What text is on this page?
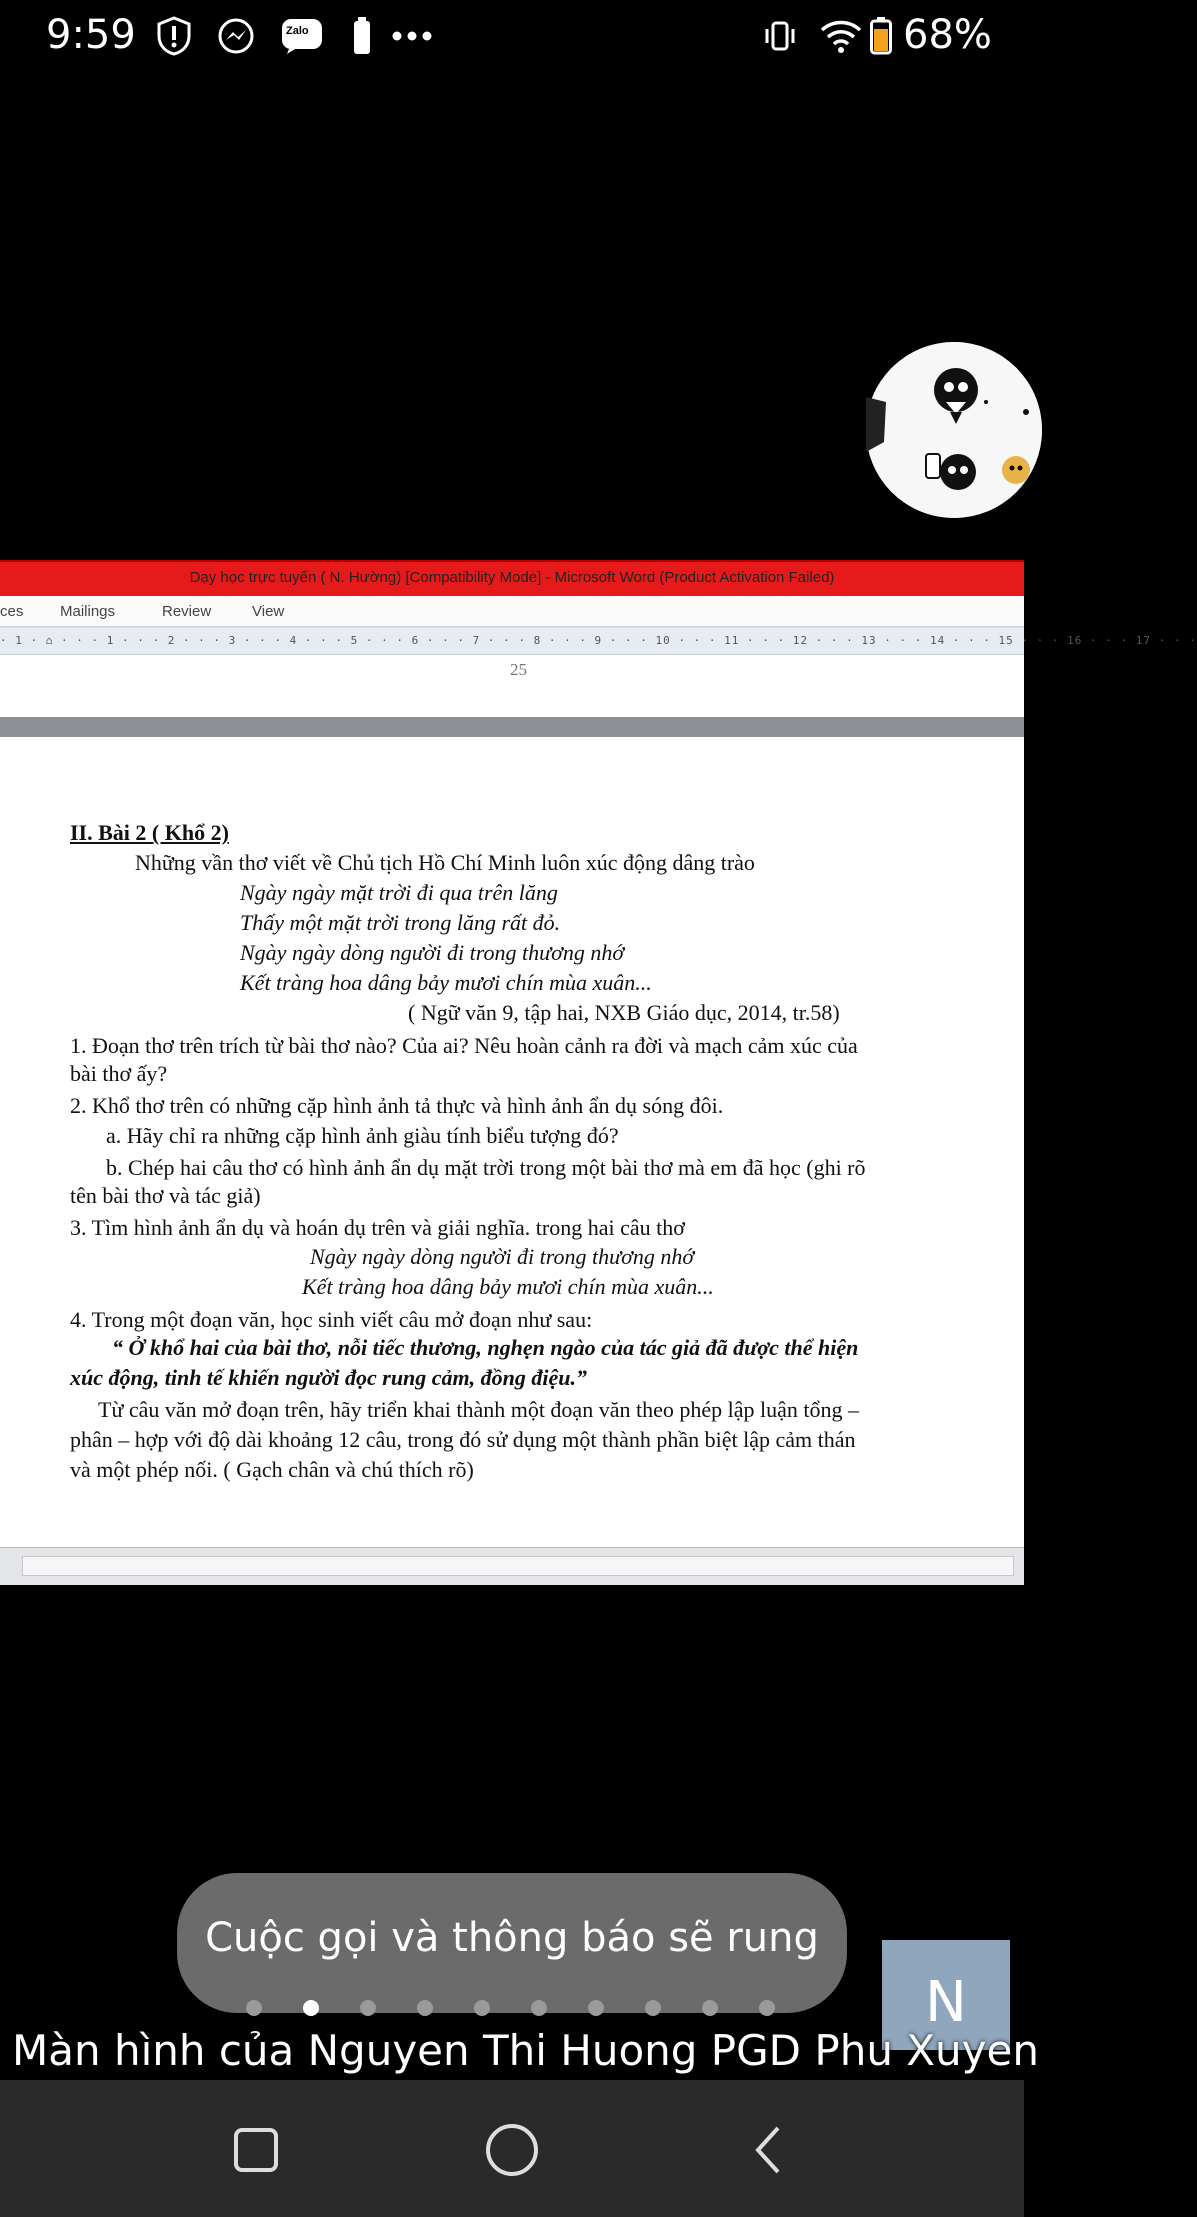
9:59	Zalo	68%
Dạy học trực tuyến ( N. Hường) [Compatibility Mode] - Microsoft Word (Product Activation Failed)
ces Mailings	Review	View
· 1 · ⌂ · · · 1 · · · 2 · · · 3 · · · 4 · · · 5 · · · 6 · · · 7 · · · 8 · · · 9 · · · 10 · · · 11 · · · 12 · · · 13 · · · 14 · · · 15 · · · 16 · · · 17 · · ·
25
II. Bài 2 ( Khổ 2)
Những vần thơ viết về Chủ tịch Hồ Chí Minh luôn xúc động dâng trào
Ngày ngày mặt trời đi qua trên lăng
Thấy một mặt trời trong lăng rất đỏ.
Ngày ngày dòng người đi trong thương nhớ
Kết tràng hoa dâng bảy mươi chín mùa xuân...
( Ngữ văn 9, tập hai, NXB Giáo dục, 2014, tr.58)
1. Đoạn thơ trên trích từ bài thơ nào? Của ai? Nêu hoàn cảnh ra đời và mạch cảm xúc của
bài thơ ấy?
2. Khổ thơ trên có những cặp hình ảnh tả thực và hình ảnh ẩn dụ sóng đôi.
a. Hãy chỉ ra những cặp hình ảnh giàu tính biểu tượng đó?
b. Chép hai câu thơ có hình ảnh ẩn dụ mặt trời trong một bài thơ mà em đã học (ghi rõ
tên bài thơ và tác giả)
3. Tìm hình ảnh ẩn dụ và hoán dụ trên và giải nghĩa. trong hai câu thơ
Ngày ngày dòng người đi trong thương nhớ
Kết tràng hoa dâng bảy mươi chín mùa xuân...
4. Trong một đoạn văn, học sinh viết câu mở đoạn như sau:
“ Ở khổ hai của bài thơ, nỗi tiếc thương, nghẹn ngào của tác giả đã được thể hiện
xúc động, tinh tế khiến người đọc rung cảm, đồng điệu.”
Từ câu văn mở đoạn trên, hãy triển khai thành một đoạn văn theo phép lập luận tổng –
phân – hợp với độ dài khoảng 12 câu, trong đó sử dụng một thành phần biệt lập cảm thán
và một phép nối. ( Gạch chân và chú thích rõ)
Cuộc gọi và thông báo sẽ rung
N
Màn hình của Nguyen Thi Huong PGD Phu Xuyen
